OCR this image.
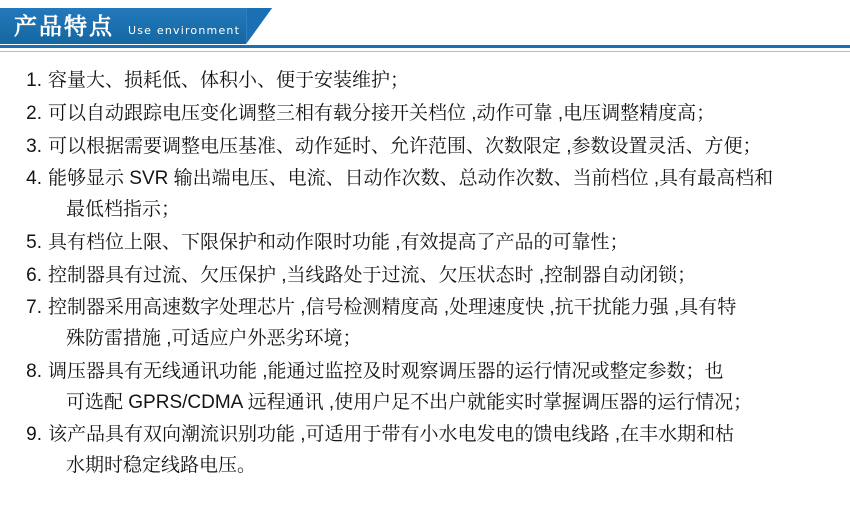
产品特点 Use environment
1. 容量大、损耗低、体积小、便于安装维护；
2. 可以自动跟踪电压变化调整三相有载分接开关档位 ,动作可靠 ,电压调整精度高；
3. 可以根据需要调整电压基准、动作延时、允许范围、次数限定 ,参数设置灵活、方便；
4. 能够显示 SVR 输出端电压、电流、日动作次数、总动作次数、当前档位 ,具有最高档和
最低档指示；
5. 具有档位上限、下限保护和动作限时功能 ,有效提高了产品的可靠性；
6. 控制器具有过流、欠压保护 ,当线路处于过流、欠压状态时 ,控制器自动闭锁；
7. 控制器采用高速数字处理芯片 ,信号检测精度高 ,处理速度快 ,抗干扰能力强 ,具有特
殊防雷措施 ,可适应户外恶劣环境；
8. 调压器具有无线通讯功能 ,能通过监控及时观察调压器的运行情况或整定参数；也
可选配 GPRS/CDMA 远程通讯 ,使用户足不出户就能实时掌握调压器的运行情况；
9. 该产品具有双向潮流识别功能 ,可适用于带有小水电发电的馈电线路 ,在丰水期和枯
水期时稳定线路电压。
